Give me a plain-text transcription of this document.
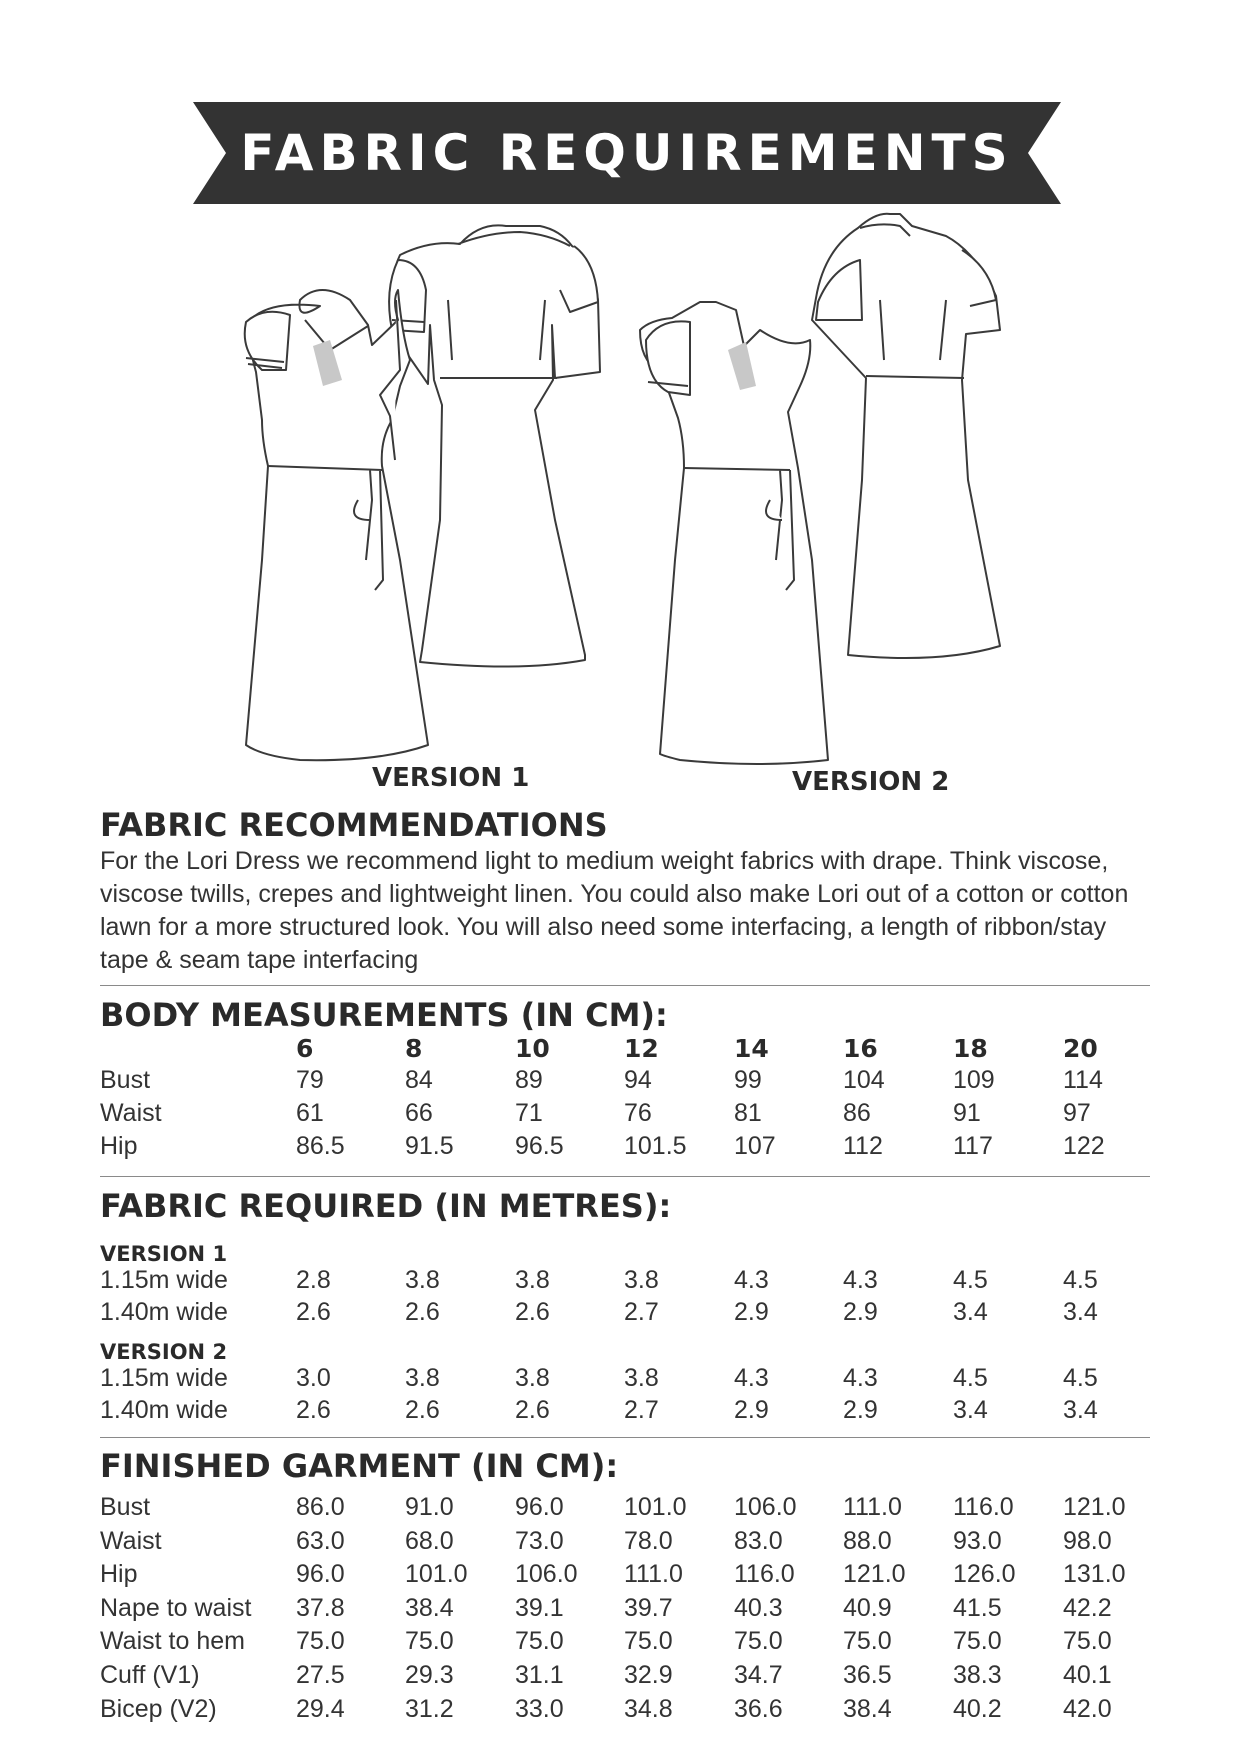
FABRIC REQUIREMENTS
VERSION 1	VERSION 2
FABRIC RECOMMENDATIONS

For the Lori Dress we recommend light to medium weight fabrics with drape. Think viscose, viscose twills, crepes and lightweight linen. You could also make Lori out of a cotton or cotton lawn for a more structured look. You will also need some interfacing, a length of ribbon/stay tape & seam tape interfacing

BODY MEASUREMENTS (IN CM):
6	8	10	12	14	16	18	20
Bust	79	84	89	94	99	104	109	114
Waist	61	66	71	76	81	86	91	97
Hip	86.5 91.5 96.5 101.5 107	112	117	122
FABRIC REQUIRED (IN METRES):
VERSION 1
VERSION 2
1.15m wide	2.8	3.8	3.8	3.8	4.3	4.3	4.5	4.5
1.40m wide	2.6	2.6	2.6	2.7	2.9	2.9	3.4	3.4
1.15m wide	3.0	3.8	3.8	3.8	4.3	4.3	4.5	4.5
1.40m wide	2.6	2.6	2.6	2.7	2.9	2.9	3.4	3.4
FINISHED GARMENT (IN CM):
Bust	86.0 91.0 96.0 101.0 106.0 111.0 116.0 121.0
Waist	63.0 68.0 73.0 78.0 83.0 88.0 93.0 98.0
Hip	96.0 101.0 106.0 111.0 116.0 121.0 126.0 131.0
Nape to waist 37.8 38.4 39.1 39.7 40.3 40.9 41.5 42.2
Waist to hem 75.0 75.0 75.0 75.0 75.0 75.0 75.0 75.0
Cuff (V1)	27.5 29.3 31.1 32.9 34.7 36.5 38.3 40.1
Bicep (V2)	29.4 31.2 33.0 34.8 36.6 38.4 40.2 42.0
